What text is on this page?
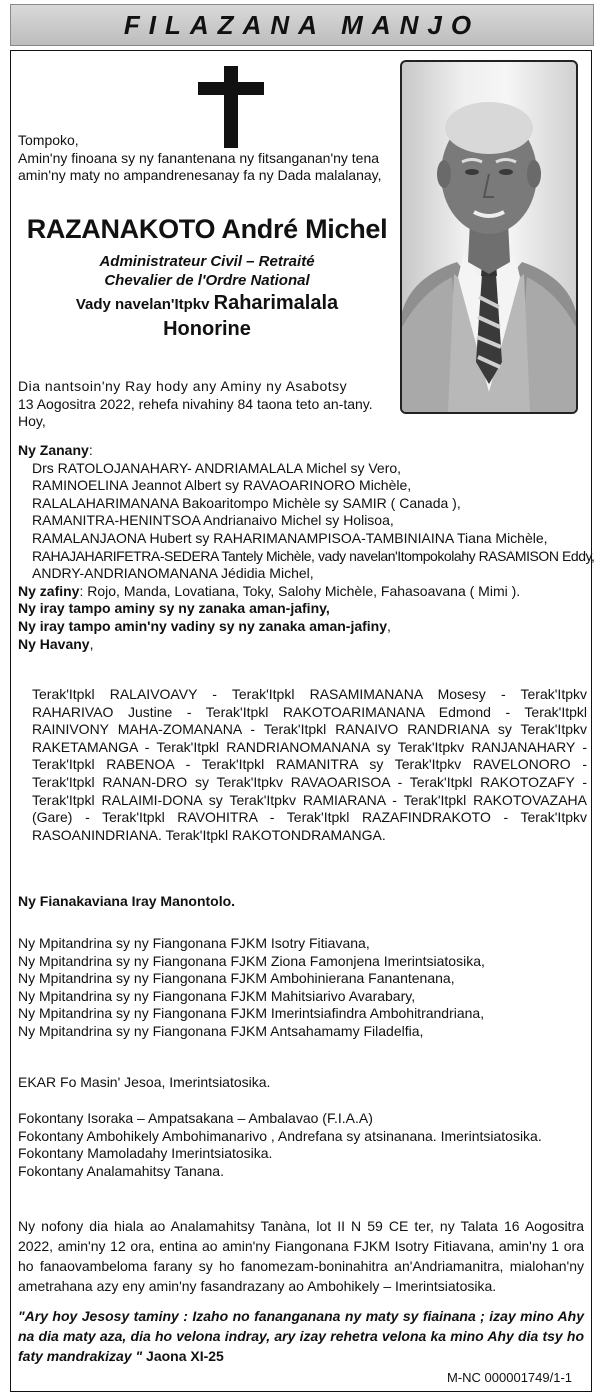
FILAZANA MANJO
Tompoko,
Amin'ny finoana sy ny fanantenana ny fitsanganan'ny tena
amin'ny maty no ampandrenesanay fa ny Dada malalanay,
RAZANAKOTO André Michel
Administrateur Civil – Retraité
Chevalier de l'Ordre National
Vady navelan'Itpkv Raharimalala
Honorine
Dia nantsoin'ny Ray hody any Aminy ny Asabotsy
13 Aogositra 2022, rehefa nivahiny 84 taona teto an-tany.
Hoy,
Ny Zanany:
Drs RATOLOJANAHARY- ANDRIAMALALA Michel sy Vero,
RAMINOELINA Jeannot Albert sy RAVAOARINORO Michèle,
RALALAHARIMANANA Bakoaritompo Michèle sy SAMIR ( Canada ),
RAMANITRA-HENINTSOA Andrianaivo Michel sy Holisoa,
RAMALANJAONA Hubert sy RAHARIMANAMPISOA-TAMBINIAINA Tiana Michèle,
RAHAJAHARIFETRA-SEDERA Tantely Michèle, vady navelan'Itompokolahy RASAMISON Eddy,
ANDRY-ANDRIANOMANANA Jédidia Michel,
Ny zafiny: Rojo, Manda, Lovatiana, Toky, Salohy Michèle, Fahasoavana ( Mimi ).
Ny iray tampo aminy sy ny zanaka aman-jafiny,
Ny iray tampo amin'ny vadiny sy ny zanaka aman-jafiny,
Ny Havany,
Terak'Itpkl RALAIVOAVY - Terak'Itpkl RASAMIMANANA Mosesy - Terak'Itpkv RAHARIVAO Justine - Terak'Itpkl RAKOTOARIMANANA Edmond - Terak'Itpkl RAINIVONY MAHA-ZOMANANA - Terak'Itpkl RANAIVO RANDRIANA sy Terak'Itpkv RAKETAMANGA - Terak'Itpkl RANDRIANOMANANA sy Terak'Itpkv RANJANAHARY - Terak'Itpkl RABENOA - Terak'Itpkl RAMANITRA sy Terak'Itpkv RAVELONORO - Terak'Itpkl RANAN-DRO sy Terak'Itpkv RAVAOARISOA - Terak'Itpkl RAKOTOZAFY - Terak'Itpkl RALAIMI-DONA sy Terak'Itpkv RAMIARANA - Terak'Itpkl RAKOTOVAZAHA (Gare) - Terak'Itpkl RAVOHITRA - Terak'Itpkl RAZAFINDRAKOTO - Terak'Itpkv RASOANINDRIANA. Terak'Itpkl RAKOTONDRAMANGA.
Ny Fianakaviana Iray Manontolo.
Ny Mpitandrina sy ny Fiangonana FJKM Isotry Fitiavana,
Ny Mpitandrina sy ny Fiangonana FJKM Ziona Famonjena Imerintsiatosika,
Ny Mpitandrina sy ny Fiangonana FJKM Ambohinierana Fanantenana,
Ny Mpitandrina sy ny Fiangonana FJKM Mahitsiarivo Avarabary,
Ny Mpitandrina sy ny Fiangonana FJKM Imerintsiafindra Ambohitrandriana,
Ny Mpitandrina sy ny Fiangonana FJKM Antsahamamy Filadelfia,
EKAR Fo Masin' Jesoa, Imerintsiatosika.
Fokontany Isoraka – Ampatsakana – Ambalavao (F.I.A.A)
Fokontany Ambohikely Ambohimanarivo , Andrefana sy atsinanana. Imerintsiatosika.
Fokontany Mamoladahy Imerintsiatosika.
Fokontany Analamahitsy Tanana.
Ny nofony dia hiala ao Analamahitsy Tanàna, lot II N 59 CE ter, ny Talata 16 Aogositra 2022, amin'ny 12 ora, entina ao amin'ny Fiangonana FJKM Isotry Fitiavana, amin'ny 1 ora ho fanaovambeloma farany sy ho fanomezam-boninahitra an'Andriamanitra, mialohan'ny ametrahana azy eny amin'ny fasandrazany ao Ambohikely – Imerintsiatosika.
"Ary hoy Jesosy taminy : Izaho no fananganana ny maty sy fiainana ; izay mino Ahy na dia maty aza, dia ho velona indray, ary izay rehetra velona ka mino Ahy dia tsy ho faty mandrakizay " Jaona XI-25
M-NC 000001749/1-1
